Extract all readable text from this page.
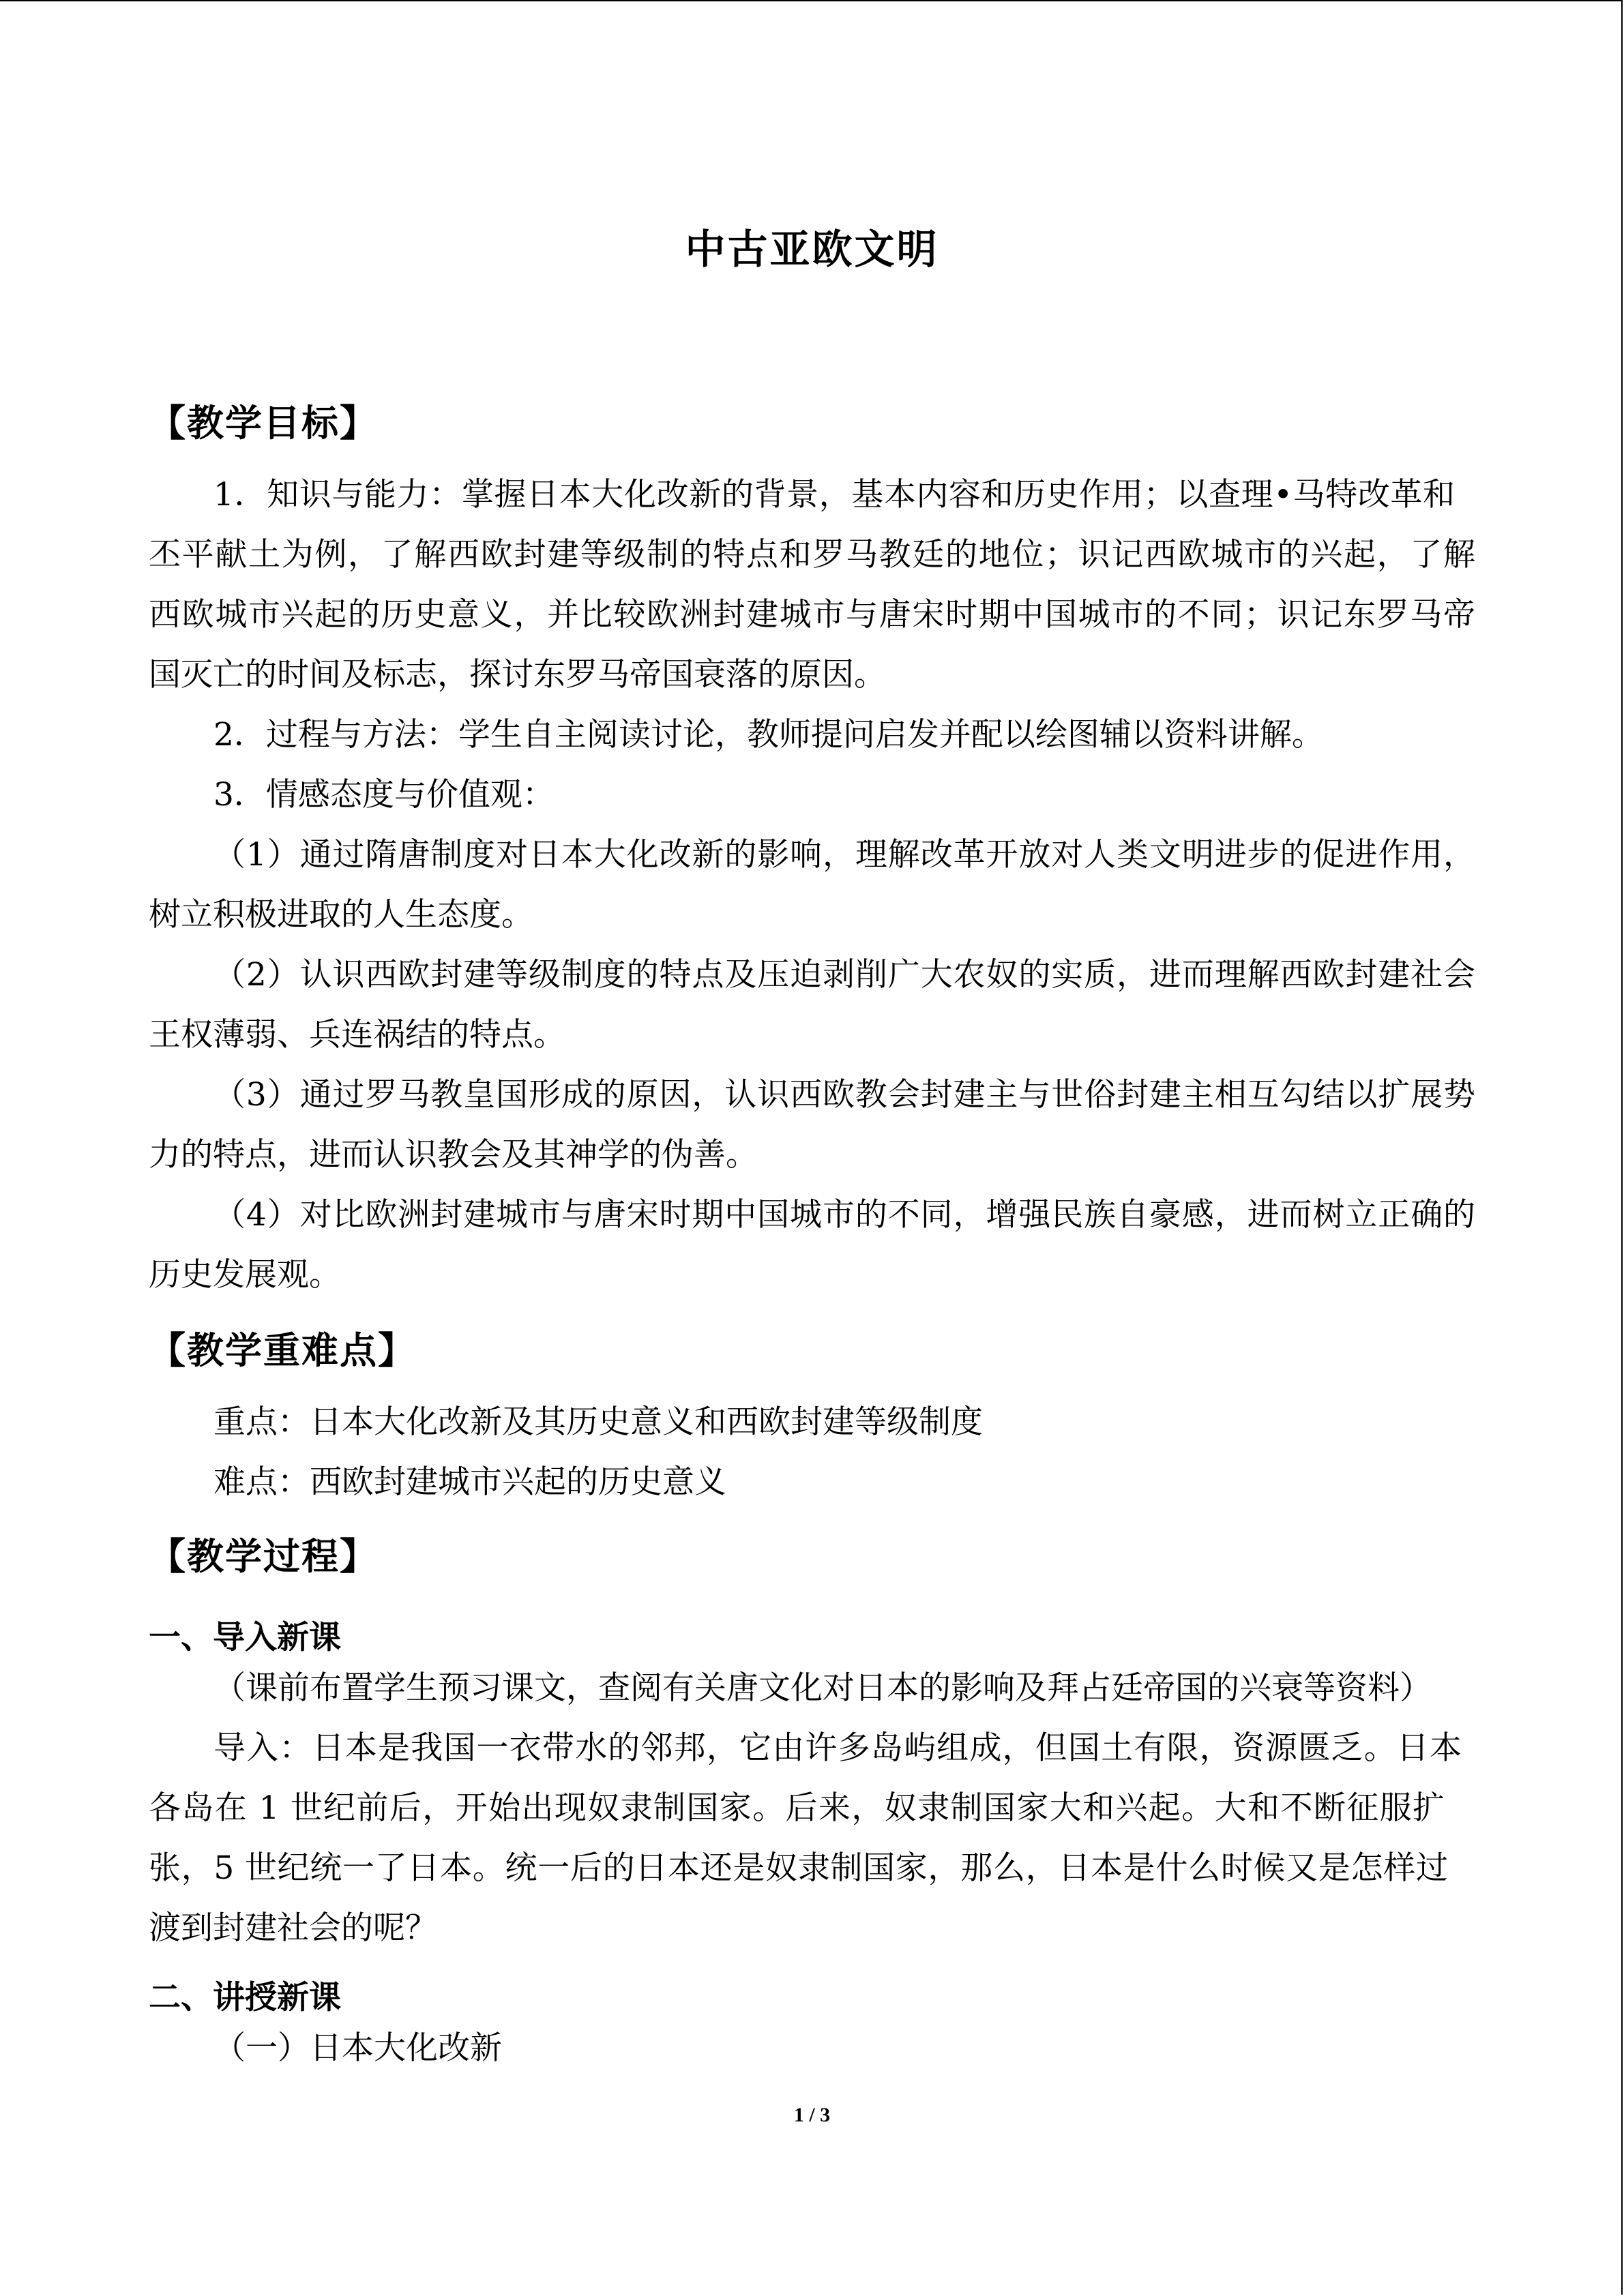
中古亚欧文明
【教学目标】
1．知识与能力：掌握日本大化改新的背景，基本内容和历史作用；以查理•马特改革和
丕平献土为例，了解西欧封建等级制的特点和罗马教廷的地位；识记西欧城市的兴起，了解
西欧城市兴起的历史意义，并比较欧洲封建城市与唐宋时期中国城市的不同；识记东罗马帝
国灭亡的时间及标志，探讨东罗马帝国衰落的原因。
2．过程与方法：学生自主阅读讨论，教师提问启发并配以绘图辅以资料讲解。
3．情感态度与价值观：
（1）通过隋唐制度对日本大化改新的影响，理解改革开放对人类文明进步的促进作用，
树立积极进取的人生态度。
（2）认识西欧封建等级制度的特点及压迫剥削广大农奴的实质，进而理解西欧封建社会
王权薄弱、兵连祸结的特点。
（3）通过罗马教皇国形成的原因，认识西欧教会封建主与世俗封建主相互勾结以扩展势
力的特点，进而认识教会及其神学的伪善。
（4）对比欧洲封建城市与唐宋时期中国城市的不同，增强民族自豪感，进而树立正确的
历史发展观。
【教学重难点】
重点：日本大化改新及其历史意义和西欧封建等级制度
难点：西欧封建城市兴起的历史意义
【教学过程】
一、导入新课
（课前布置学生预习课文，查阅有关唐文化对日本的影响及拜占廷帝国的兴衰等资料）
导入：日本是我国一衣带水的邻邦，它由许多岛屿组成，但国土有限，资源匮乏。日本
各岛在 1 世纪前后，开始出现奴隶制国家。后来，奴隶制国家大和兴起。大和不断征服扩
张，5 世纪统一了日本。统一后的日本还是奴隶制国家，那么，日本是什么时候又是怎样过
渡到封建社会的呢？
二、讲授新课
（一）日本大化改新
1 / 3
